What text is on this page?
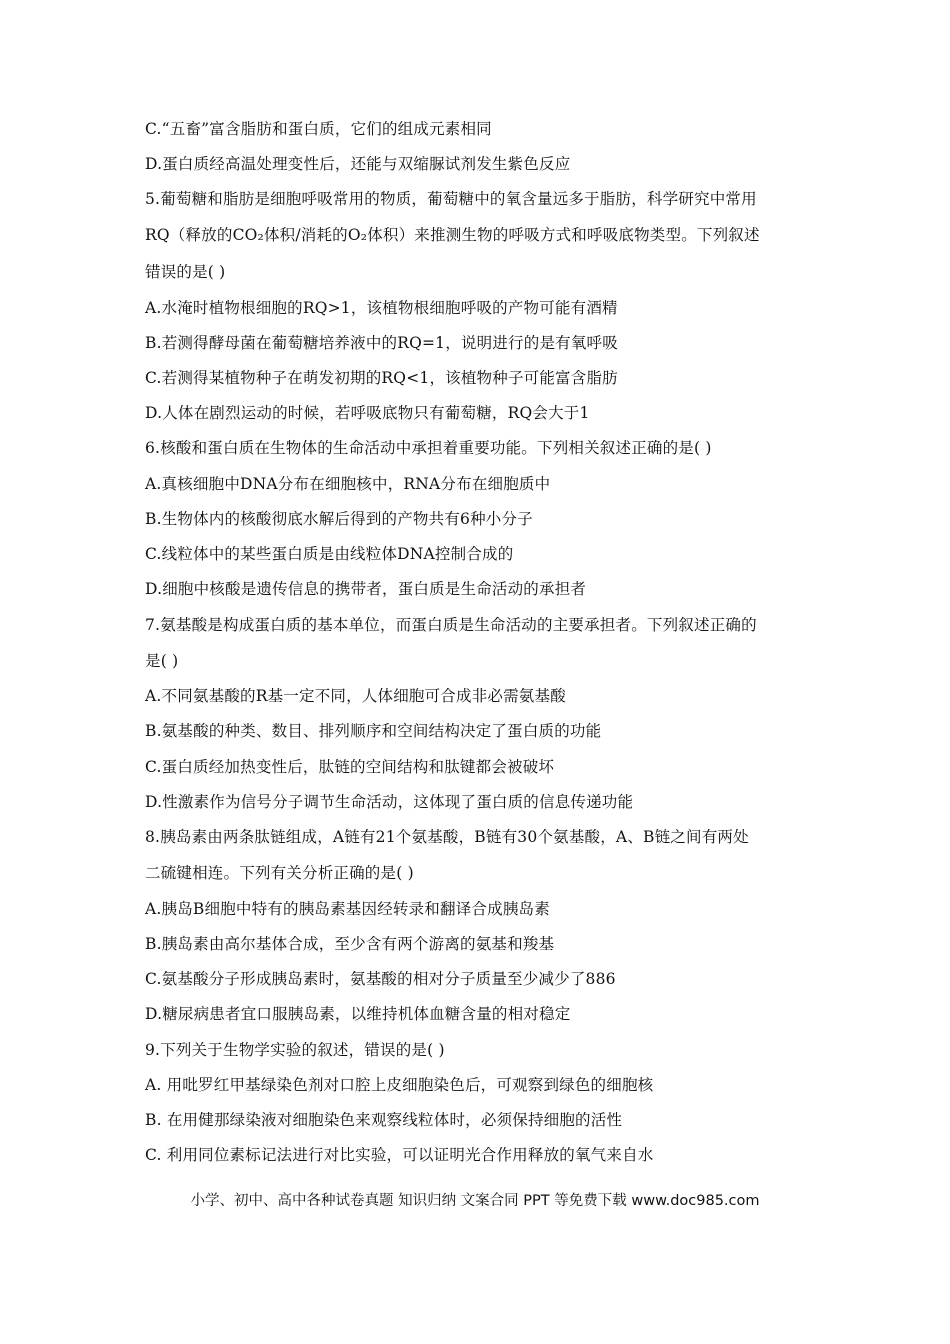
C.“五畜”富含脂肪和蛋白质，它们的组成元素相同
D.蛋白质经高温处理变性后，还能与双缩脲试剂发生紫色反应
5.葡萄糖和脂肪是细胞呼吸常用的物质，葡萄糖中的氧含量远多于脂肪，科学研究中常用
RQ（释放的CO₂体积/消耗的O₂体积）来推测生物的呼吸方式和呼吸底物类型。下列叙述
错误的是( )
A.水淹时植物根细胞的RQ>1，该植物根细胞呼吸的产物可能有酒精
B.若测得酵母菌在葡萄糖培养液中的RQ=1，说明进行的是有氧呼吸
C.若测得某植物种子在萌发初期的RQ<1，该植物种子可能富含脂肪
D.人体在剧烈运动的时候，若呼吸底物只有葡萄糖，RQ会大于1
6.核酸和蛋白质在生物体的生命活动中承担着重要功能。下列相关叙述正确的是( )
A.真核细胞中DNA分布在细胞核中，RNA分布在细胞质中
B.生物体内的核酸彻底水解后得到的产物共有6种小分子
C.线粒体中的某些蛋白质是由线粒体DNA控制合成的
D.细胞中核酸是遗传信息的携带者，蛋白质是生命活动的承担者
7.氨基酸是构成蛋白质的基本单位，而蛋白质是生命活动的主要承担者。下列叙述正确的
是( )
A.不同氨基酸的R基一定不同，人体细胞可合成非必需氨基酸
B.氨基酸的种类、数目、排列顺序和空间结构决定了蛋白质的功能
C.蛋白质经加热变性后，肽链的空间结构和肽键都会被破坏
D.性激素作为信号分子调节生命活动，这体现了蛋白质的信息传递功能
8.胰岛素由两条肽链组成，A链有21个氨基酸，B链有30个氨基酸，A、B链之间有两处
二硫键相连。下列有关分析正确的是( )
A.胰岛B细胞中特有的胰岛素基因经转录和翻译合成胰岛素
B.胰岛素由高尔基体合成，至少含有两个游离的氨基和羧基
C.氨基酸分子形成胰岛素时，氨基酸的相对分子质量至少减少了886
D.糖尿病患者宜口服胰岛素，以维持机体血糖含量的相对稳定
9.下列关于生物学实验的叙述，错误的是( )
A. 用吡罗红甲基绿染色剂对口腔上皮细胞染色后，可观察到绿色的细胞核
B. 在用健那绿染液对细胞染色来观察线粒体时，必须保持细胞的活性
C. 利用同位素标记法进行对比实验，可以证明光合作用释放的氧气来自水
小学、初中、高中各种试卷真题 知识归纳 文案合同 PPT 等免费下载 www.doc985.com
